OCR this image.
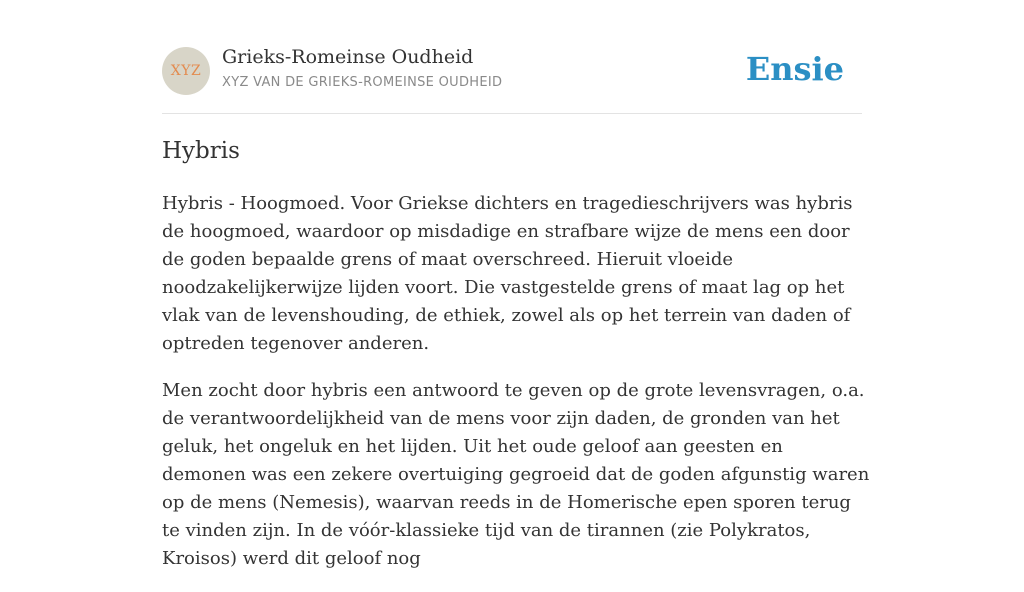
XYZ
Grieks-Romeinse Oudheid
XYZ VAN DE GRIEKS-ROMEINSE OUDHEID	Ensie
Hybris

Hybris - Hoogmoed. Voor Griekse dichters en tragedieschrijvers was hybris de hoogmoed, waardoor op misdadige en strafbare wijze de mens een door de goden bepaalde grens of maat overschreed. Hieruit vloeide noodzakelijkerwijze lijden voort. Die vastgestelde grens of maat lag op het vlak van de levenshouding, de ethiek, zowel als op het terrein van daden of optreden tegenover anderen.

Men zocht door hybris een antwoord te geven op de grote levensvragen, o.a. de verantwoordelijkheid van de mens voor zijn daden, de gronden van het geluk, het ongeluk en het lijden. Uit het oude geloof aan geesten en demonen was een zekere overtuiging gegroeid dat de goden afgunstig waren op de mens (Nemesis), waarvan reeds in de Homerische epen sporen terug te vinden zijn. In de vóór-klassieke tijd van de tirannen (zie Polykratos, Kroisos) werd dit geloof nog
